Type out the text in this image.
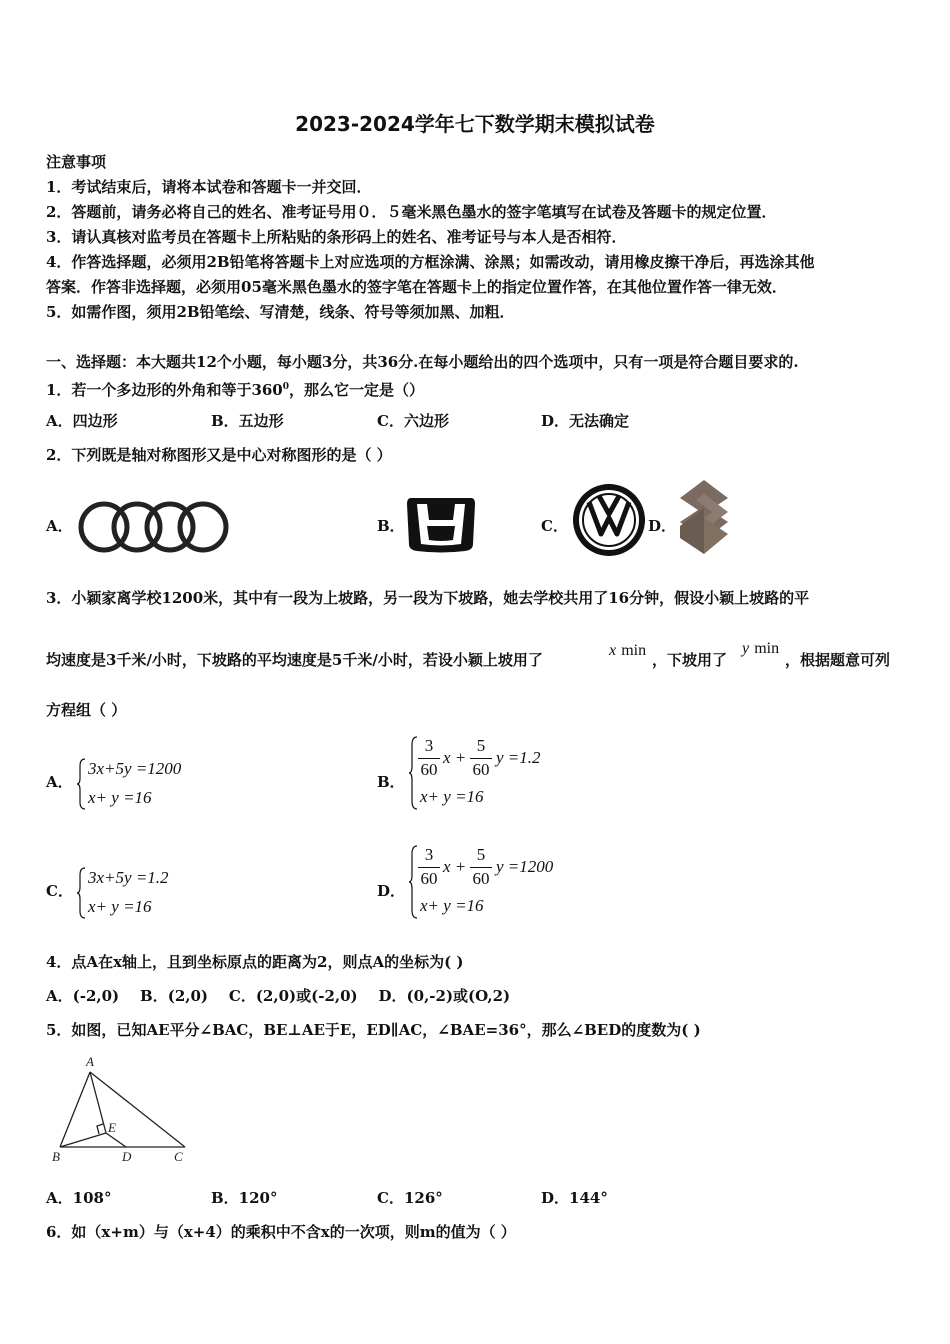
2023-2024学年七下数学期末模拟试卷
注意事项
1．考试结束后，请将本试卷和答题卡一并交回．
2．答题前，请务必将自己的姓名、准考证号用０．５毫米黑色墨水的签字笔填写在试卷及答题卡的规定位置．
3．请认真核对监考员在答题卡上所粘贴的条形码上的姓名、准考证号与本人是否相符．
4．作答选择题，必须用2B铅笔将答题卡上对应选项的方框涂满、涂黑；如需改动，请用橡皮擦干净后，再选涂其他
答案．作答非选择题，必须用05毫米黑色墨水的签字笔在答题卡上的指定位置作答，在其他位置作答一律无效．
5．如需作图，须用2B铅笔绘、写清楚，线条、符号等须加黑、加粗．
一、选择题：本大题共12个小题，每小题3分，共36分.在每小题给出的四个选项中，只有一项是符合题目要求的.
1．若一个多边形的外角和等于$360^0$，那么它一定是（）
A．四边形	B．五边形	C．六边形	D．无法确定
2．下列既是轴对称图形又是中心对称图形的是（ ）
A．	B．	C．	D．
3．小颖家离学校1200米，其中有一段为上坡路，另一段为下坡路，她去学校共用了16分钟，假设小颖上坡路的平
均速度是3千米/小时，下坡路的平均速度是5千米/小时，若设小颖上坡用了
x min
，下坡用了
y min
，根据题意可列
方程组（ ）
A．
3x+5y =1200
x+ y =16
B．
3
60
x +
5
60
y =1.2
x+ y =16
C．
3x+5y =1.2
x+ y =16
D．
3
60
x +
5
60
y =1200
x+ y =16
4．点A在x轴上，且到坐标原点的距离为2，则点A的坐标为( )
A．(-2,0)    B．(2,0)    C．(2,0)或(-2,0)    D．(0,-2)或(O,2)
5．如图，已知AE平分∠BAC，BE⊥AE于E，ED∥AC，∠BAE=36°，那么∠BED的度数为( )
A
E
B	D	C
A．108°	B．120°	C．126°	D．144°
6．如（x+m）与（x+4）的乘积中不含x的一次项，则m的值为（ ）
